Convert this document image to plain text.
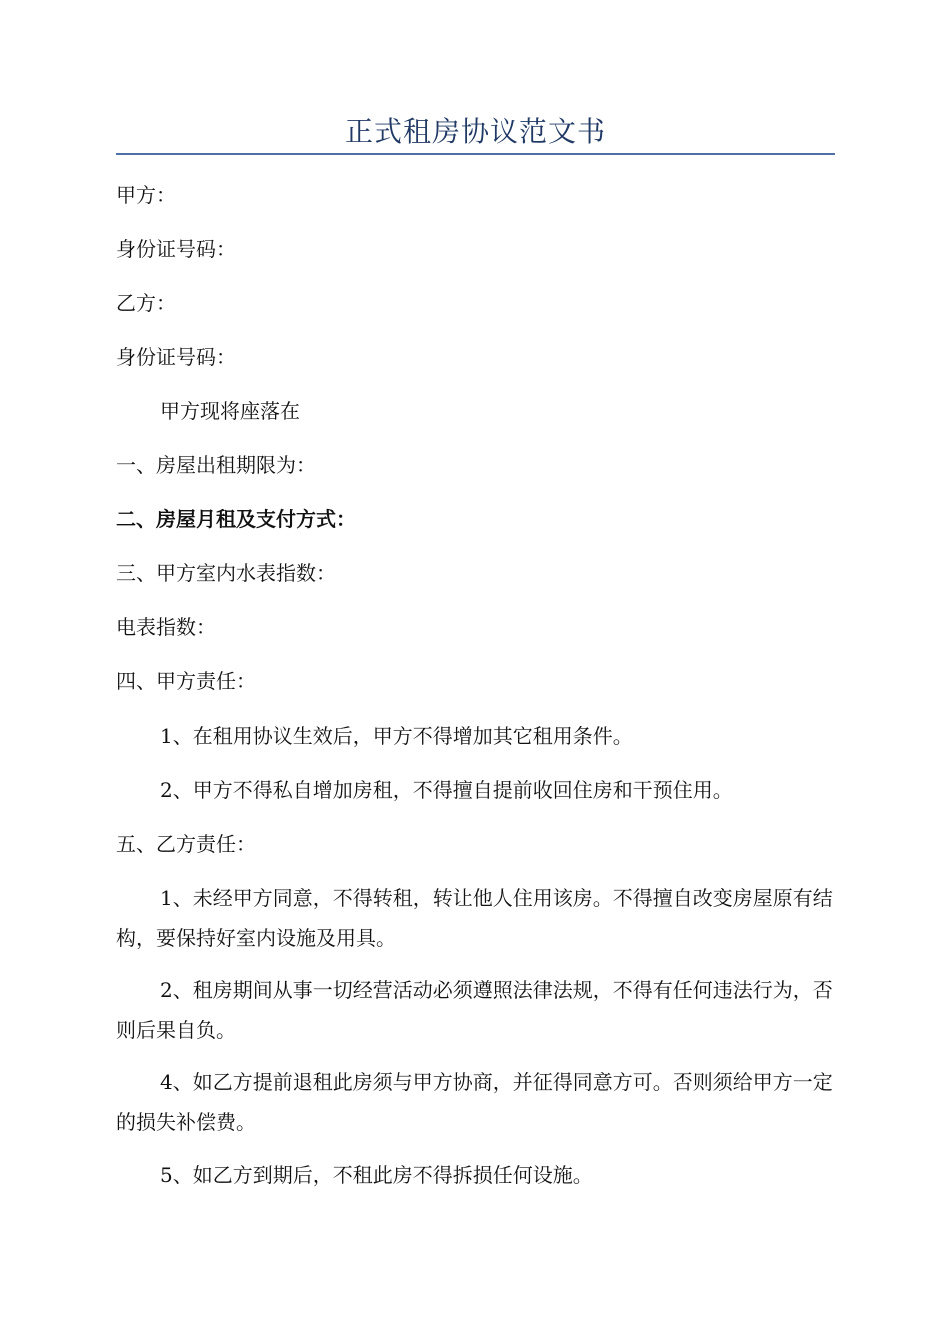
正式租房协议范文书
甲方：
身份证号码：
乙方：
身份证号码：
甲方现将座落在
一、房屋出租期限为：
二、房屋月租及支付方式：
三、甲方室内水表指数：
电表指数：
四、甲方责任：
1、在租用协议生效后，甲方不得增加其它租用条件。
2、甲方不得私自增加房租，不得擅自提前收回住房和干预住用。
五、乙方责任：
1、未经甲方同意，不得转租，转让他人住用该房。不得擅自改变房屋原有结构，要保持好室内设施及用具。
2、租房期间从事一切经营活动必须遵照法律法规，不得有任何违法行为，否则后果自负。
4、如乙方提前退租此房须与甲方协商，并征得同意方可。否则须给甲方一定的损失补偿费。
5、如乙方到期后，不租此房不得拆损任何设施。
